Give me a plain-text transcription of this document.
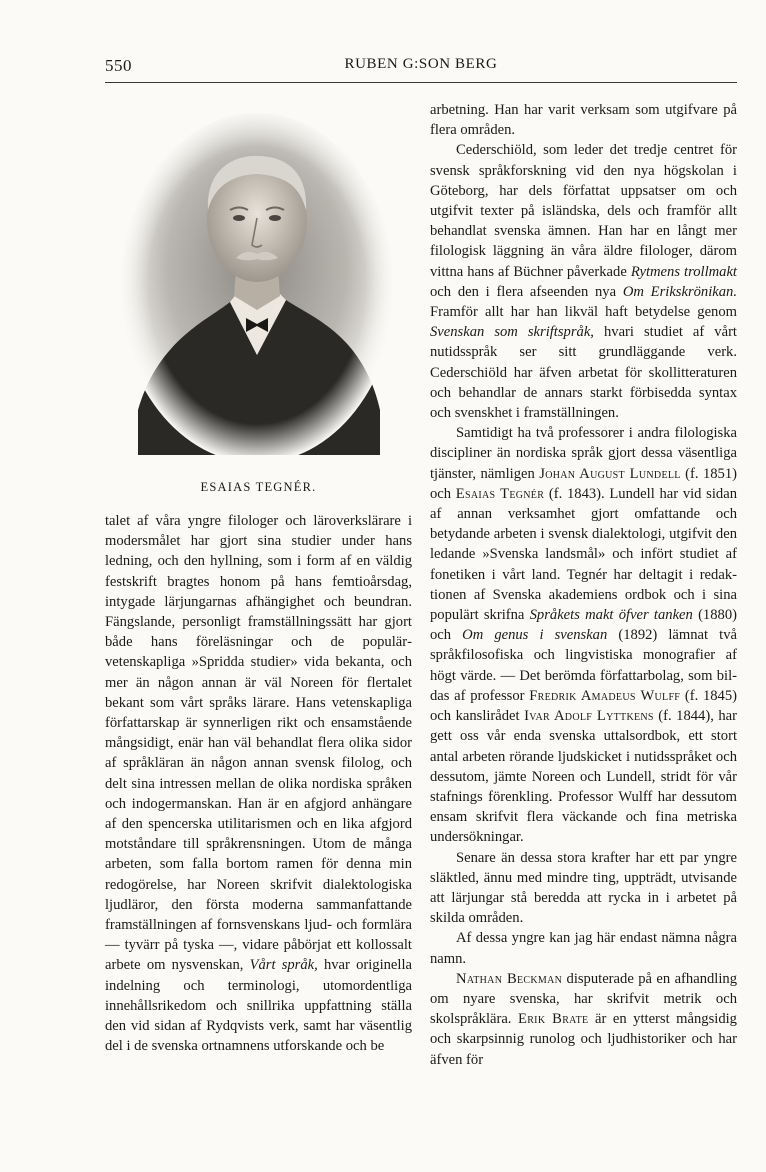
550	RUBEN G:SON BERG
ESAIAS TEGNÉR.

talet af våra yngre filologer och läroverkslärare i modersmålet har gjort sina studier under hans ledning, och den hyllning, som i form af en väldig festskrift bragtes honom på hans femtioårsdag, intygade lärjungarnas afhängighet och beundran. Fängslande, personligt framställningssätt har gjort både hans föreläsningar och de populärvetenskapliga »Spridda studier» vida bekanta, och mer än någon annan är väl Noreen för flertalet bekant som vårt språks lärare. Hans vetenskapliga författarskap är synnerligen rikt och ensamstående mångsidigt, enär han väl behandlat flera olika sidor af språkläran än någon annan svensk filolog, och delt sina intressen mellan de olika nordiska språken och indogermanskan. Han är en afgjord anhängare af den spencerska utilitarismen och en lika afgjord motståndare till språkrensningen. Utom de många arbeten, som falla bortom ramen för denna min redogörelse, har Noreen skrifvit dialektologiska ljudläror, den första moderna sammanfattande framställningen af fornsvenskans ljud- och formlära — tyvärr på tyska —, vidare påbörjat ett kollossalt arbete om nysvenskan, Vårt språk, hvar originella indelning och terminologi, utomordentliga innehållsrikedom och snillrika uppfattning ställa den vid sidan af Rydqvists verk, samt har väsentlig del i de svenska ortnamnens utforskande och be

arbetning. Han har varit verksam som utgifvare på flera områden.

Cederschiöld, som leder det tredje centret för svensk språkforskning vid den nya högskolan i Göteborg, har dels författat uppsatser om och utgifvit texter på isländska, dels och framför allt behandlat svenska ämnen. Han har en långt mer filologisk läggning än våra äldre filologer, därom vittna hans af Büchner påverkade Rytmens trollmakt och den i flera afseenden nya Om Erikskrönikan. Framför allt har han likväl haft betydelse genom Svenskan som skriftspråk, hvari studiet af vårt nutidsspråk ser sitt grundläggande verk. Cederschiöld har äfven arbetat för skollitteraturen och behandlar de annars starkt förbisedda syntax och svenskhet i framställningen.

Samtidigt ha två professorer i andra filologiska discipliner än nordiska språk gjort dessa väsentliga tjänster, nämligen Johan August Lundell (f. 1851) och Esaias Tegnér (f. 1843). Lundell har vid sidan af annan verksamhet gjort omfattande och betydande arbeten i svensk dialektologi, utgifvit den ledande »Svenska landsmål» och infört studiet af fonetiken i vårt land. Tegnér har deltagit i redaktionen af Svenska akademiens ordbok och i sina populärt skrifna Språkets makt öfver tanken (1880) och Om genus i svenskan (1892) lämnat två språkfilosofiska och lingvistiska monografier af högt värde. — Det berömda författarbolag, som bildas af professor Fredrik Amadeus Wulff (f. 1845) och kanslirådet Ivar Adolf Lyttkens (f. 1844), har gett oss vår enda svenska uttalsordbok, ett stort antal arbeten rörande ljudskicket i nutidsspråket och dessutom, jämte Noreen och Lundell, stridt för vår stafnings förenkling. Professor Wulff har dessutom ensam skrifvit flera väckande och fina metriska undersökningar.

Senare än dessa stora krafter har ett par yngre släktled, ännu med mindre ting, uppträdt, utvisande att lärjungar stå beredda att rycka in i arbetet på skilda områden.

Af dessa yngre kan jag här endast nämna några namn.

Nathan Beckman disputerade på en afhandling om nyare svenska, har skrifvit metrik och skolspråklära. Erik Brate är en ytterst mångsidig och skarpsinnig runolog och ljudhistoriker och har äfven för
